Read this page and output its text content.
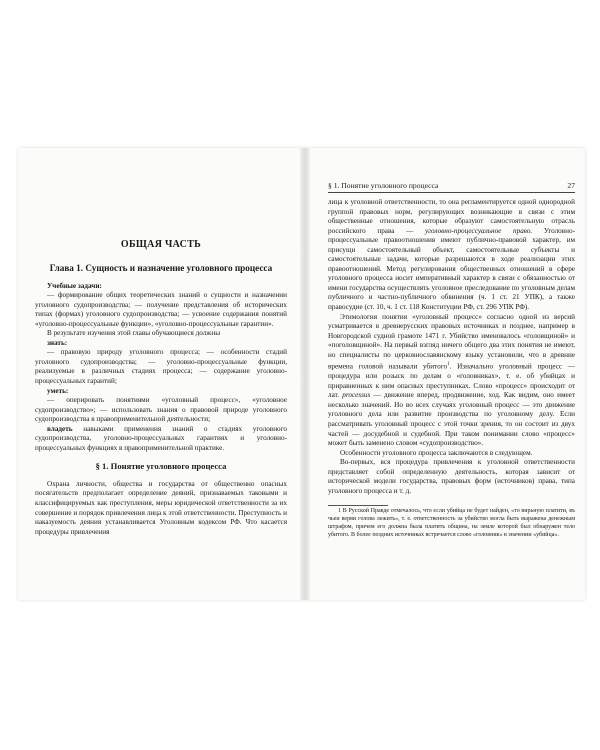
ОБЩАЯ ЧАСТЬ
Глава 1. Сущность и назначение уголовного процесса

Учебные задачи:

— формирование общих теоретических знаний о сущности и назначении уголовного судопроизводства; — получение представления об исторических типах (формах) уголовного судопроизводства; — усвоение содержания понятий «уголовно-процессуальные функции», «уголовно-процессуальные гарантии».

В результате изучения этой главы обучающиеся должны

знать:

— правовую природу уголовного процесса; — особенности стадий уголовного судопроизводства; — уголовно-процессуальные функции, реализуемые в различных стадиях процесса; — содержание уголовно-процессуальных гарантий;

уметь:

— оперировать понятиями «уголовный процесс», «уголовное судопроизводство»; — использовать знания о правовой природе уголовного судопроизводства в правоприменительной деятельности;

владеть навыками применения знаний о стадиях уголовного судопроизводства, уголовно-процессуальных гарантиях и уголовно-процессуальных функциях в правоприменительной практике.

§ 1. Понятие уголовного процесса

Охрана личности, общества и государства от общественно опасных посягательств предполагает определение деяний, признаваемых таковыми и классифицируемых как преступления, меры юридической ответственности за их совершение и порядок привлечения лица к этой ответственности. Преступность и наказуемость деяния устанавливается Уголовным кодексом РФ. Что касается процедуры привлечения

§ 1. Понятие уголовного процесса	27

лица к уголовной ответственности, то она регламентируется одной однородной группой правовых норм, регулирующих возникающие в связи с этим общественные отношения, которые образуют самостоятельную отрасль российского права — уголовно-процессуальное право. Уголовно-процессуальные правоотношения имеют публично-правовой характер, им присущи самостоятельный объект, самостоятельные субъекты и самостоятельные задачи, которые разрешаются в ходе реализации этих правоотношений. Метод регулирования общественных отношений в сфере уголовного процесса носит императивный характер в связи с обязанностью от имени государства осуществлять уголовное преследование по уголовным делам публичного и частно-публичного обвинения (ч. 1 ст. 21 УПК), а также правосудие (ст. 10, ч. 1 ст. 118 Конституции РФ, ст. 296 УПК РФ).

Этимология понятия «уголовный процесс» согласно одной из версий усматривается в древнерусских правовых источниках и позднее, например в Новгородской судной грамоте 1471 г. Убийство именовалось «головщиной» и «поголовщиной». На первый взгляд ничего общего два этих понятия не имеют, но специалисты по церковнославянскому языку установили, что в древние времена головой называли убитого$^1$. Изначально уголовный процесс — процедура или розыск по делам о «головниках», т. е. об убийцах и приравненных к ним опасных преступниках. Слово «процесс» происходит от лат. processus — движение вперед, продвижение, ход. Как видим, оно имеет несколько значений. Но во всех случаях уголовный процесс — это движение уголовного дела или развитие производства по уголовному делу. Если рассматривать уголовный процесс с этой точки зрения, то он состоит из двух частей — досудебной и судебной. При таком понимании слово «процесс» может быть заменено словом «судопроизводство».

Особенности уголовного процесса заключаются в следующем.

Во-первых, вся процедура привлечения к уголовной ответственности представляет собой определенную деятельность, которая зависит от исторической модели государства, правовых форм (источников) права, типа уголовного процесса и т. д.

1 В Русской Правде отмечалось, что если убийца не будет найден, «то вирьную платити, въ чьеи верви голова лежить», т. е. ответственность за убийство могла быть выражена денежным штрафом, причем его должна была платить община, на земле которой был обнаружен тело убитого. В более поздних источниках встречается слово «головник» в значении «убийца».
